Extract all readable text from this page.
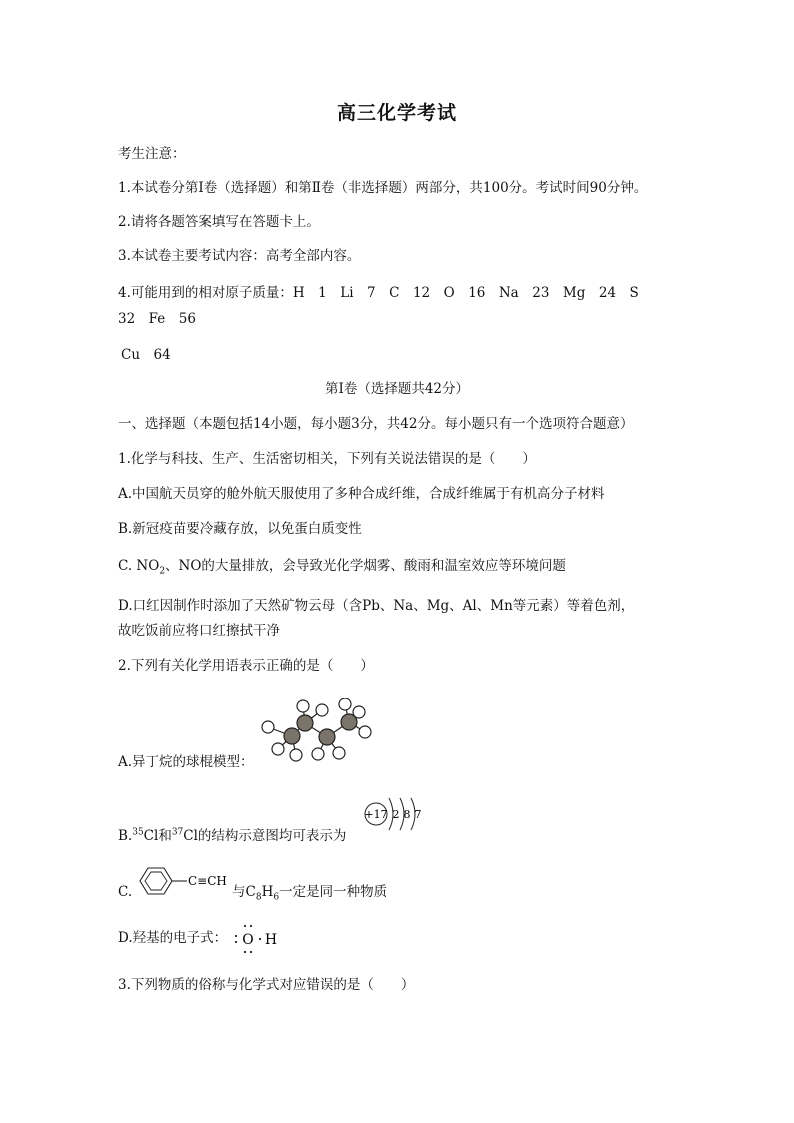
高三化学考试
考生注意：
1.本试卷分第Ⅰ卷（选择题）和第Ⅱ卷（非选择题）两部分，共100分。考试时间90分钟。
2.请将各题答案填写在答题卡上。
3.本试卷主要考试内容：高考全部内容。
4.可能用到的相对原子质量：H　1　Li　7　C　12　O　16　Na　23　Mg　24　S
32　Fe　56
Cu　64
第Ⅰ卷（选择题共42分）
一、选择题（本题包括14小题，每小题3分，共42分。每小题只有一个选项符合题意）
1.化学与科技、生产、生活密切相关，下列有关说法错误的是（　　）
A.中国航天员穿的舱外航天服使用了多种合成纤维，合成纤维属于有机高分子材料
B.新冠疫苗要冷藏存放，以免蛋白质变性
C. $NO_2$、NO的大量排放，会导致光化学烟雾、酸雨和温室效应等环境问题
D.口红因制作时添加了天然矿物云母（含Pb、Na、Mg、Al、Mn等元素）等着色剂，
故吃饭前应将口红擦拭干净
2.下列有关化学用语表示正确的是（　　）
A.异丁烷的球棍模型：
B.$^{35}$Cl和$^{37}$Cl的结构示意图均可表示为
+17 2 8 7
C.
C≡CH
与$C_8H_6$一定是同一种物质
D.羟基的电子式： O H
3.下列物质的俗称与化学式对应错误的是（　　）
